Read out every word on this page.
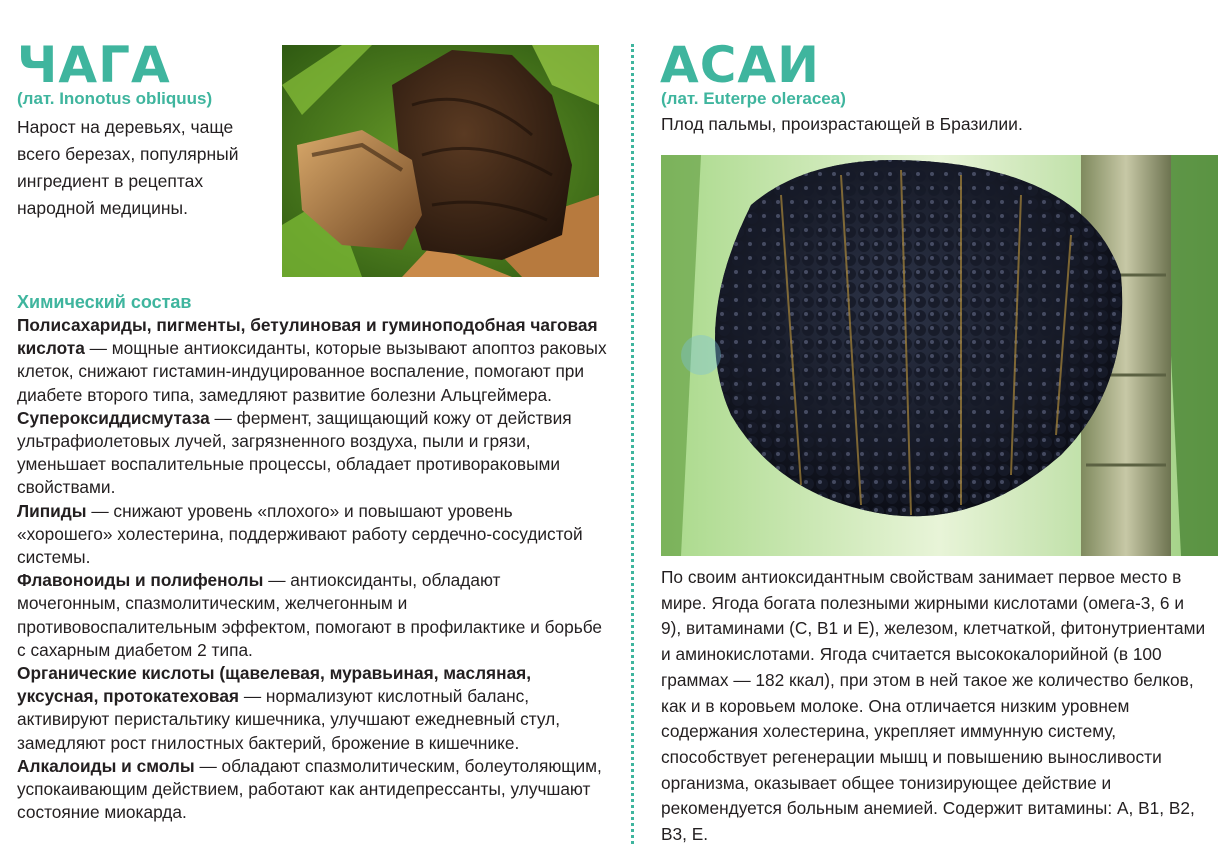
ЧАГА
(лат. Inonotus obliquus)

Нарост на деревьях, чаще всего березах, популярный ингредиент в рецептах народной медицины.

Химический состав

Полисахариды, пигменты, бетулиновая и гуминоподобная чаговая кислота — мощные антиоксиданты, которые вызывают апоптоз раковых клеток, снижают гистамин-индуцированное воспаление, помогают при диабете второго типа, замедляют развитие болезни Альцгеймера.

Супероксиддисмутаза — фермент, защищающий кожу от действия ультрафиолетовых лучей, загрязненного воздуха, пыли и грязи, уменьшает воспалительные процессы, обладает противораковыми свойствами.

Липиды — снижают уровень «плохого» и повышают уровень «хорошего» холестерина, поддерживают работу сердечно-сосудистой системы.

Флавоноиды и полифенолы — антиоксиданты, обладают мочегонным, спазмолитическим, желчегонным и противовоспалительным эффектом, помогают в профилактике и борьбе с сахарным диабетом 2 типа.

Органические кислоты (щавелевая, муравьиная, масляная, уксусная, протокатеховая — нормализуют кислотный баланс, активируют перистальтику кишечника, улучшают ежедневный стул, замедляют рост гнилостных бактерий, брожение в кишечнике.

Алкалоиды и смолы — обладают спазмолитическим, болеутоляющим, успокаивающим действием, работают как антидепрессанты, улучшают состояние миокарда.

АСАИ
(лат. Euterpe oleracea)

Плод пальмы, произрастающей в Бразилии.

По своим антиоксидантным свойствам занимает первое место в мире. Ягода богата полезными жирными кислотами (омега-3, 6 и 9), витаминами (С, В1 и Е), железом, клетчаткой, фитонутриентами и аминокислотами. Ягода считается высококалорийной (в 100 граммах — 182 ккал), при этом в ней такое же количество белков, как и в коровьем молоке. Она отличается низким уровнем содержания холестерина, укрепляет иммунную систему, способствует регенерации мышц и повышению выносливости организма, оказывает общее тонизирующее действие и рекомендуется больным анемией. Содержит витамины: А, В1, В2, В3, Е.
